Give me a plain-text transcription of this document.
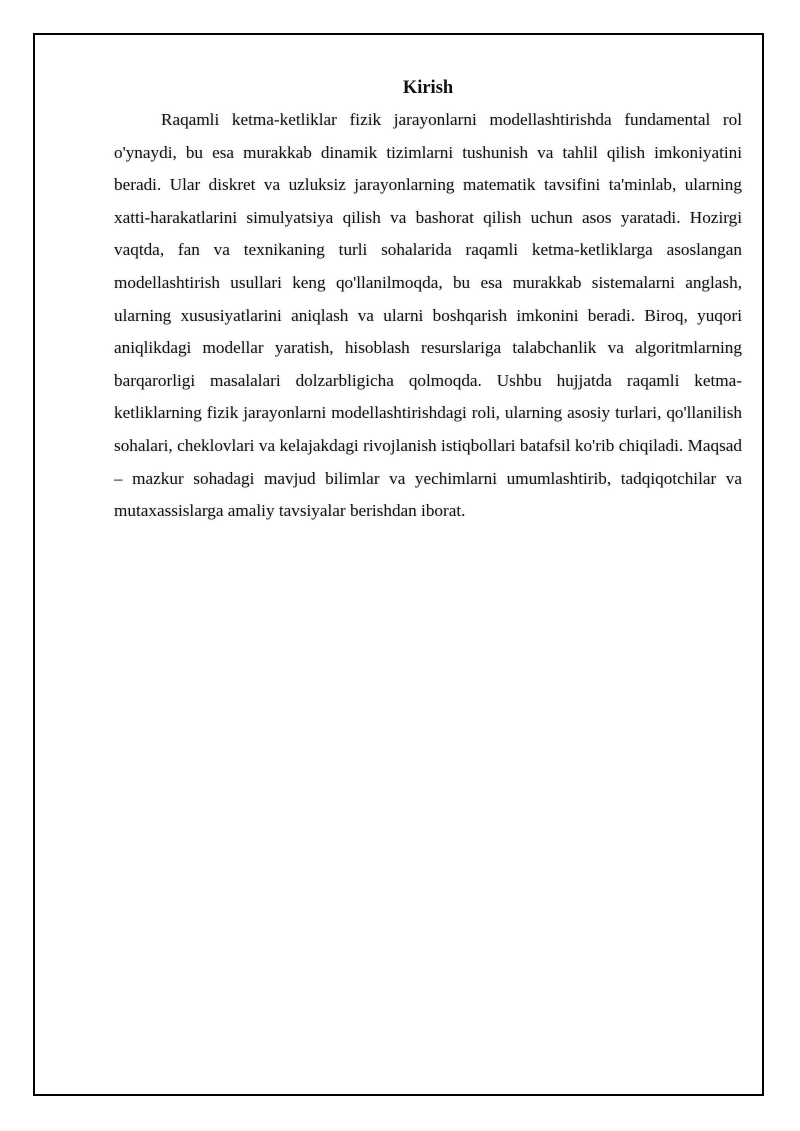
Kirish

Raqamli ketma-ketliklar fizik jarayonlarni modellashtirishda fundamental rol o'ynaydi, bu esa murakkab dinamik tizimlarni tushunish va tahlil qilish imkoniyatini beradi. Ular diskret va uzluksiz jarayonlarning matematik tavsifini ta'minlab, ularning xatti-harakatlarini simulyatsiya qilish va bashorat qilish uchun asos yaratadi. Hozirgi vaqtda, fan va texnikaning turli sohalarida raqamli ketma-ketliklarga asoslangan modellashtirish usullari keng qo'llanilmoqda, bu esa murakkab sistemalarni anglash, ularning xususiyatlarini aniqlash va ularni boshqarish imkonini beradi. Biroq, yuqori aniqlikdagi modellar yaratish, hisoblash resurslariga talabchanlik va algoritmlarning barqarorligi masalalari dolzarbligicha qolmoqda. Ushbu hujjatda raqamli ketma-ketliklarning fizik jarayonlarni modellashtirishdagi roli, ularning asosiy turlari, qo'llanilish sohalari, cheklovlari va kelajakdagi rivojlanish istiqbollari batafsil ko'rib chiqiladi. Maqsad – mazkur sohadagi mavjud bilimlar va yechimlarni umumlashtirib, tadqiqotchilar va mutaxassislarga amaliy tavsiyalar berishdan iborat.
